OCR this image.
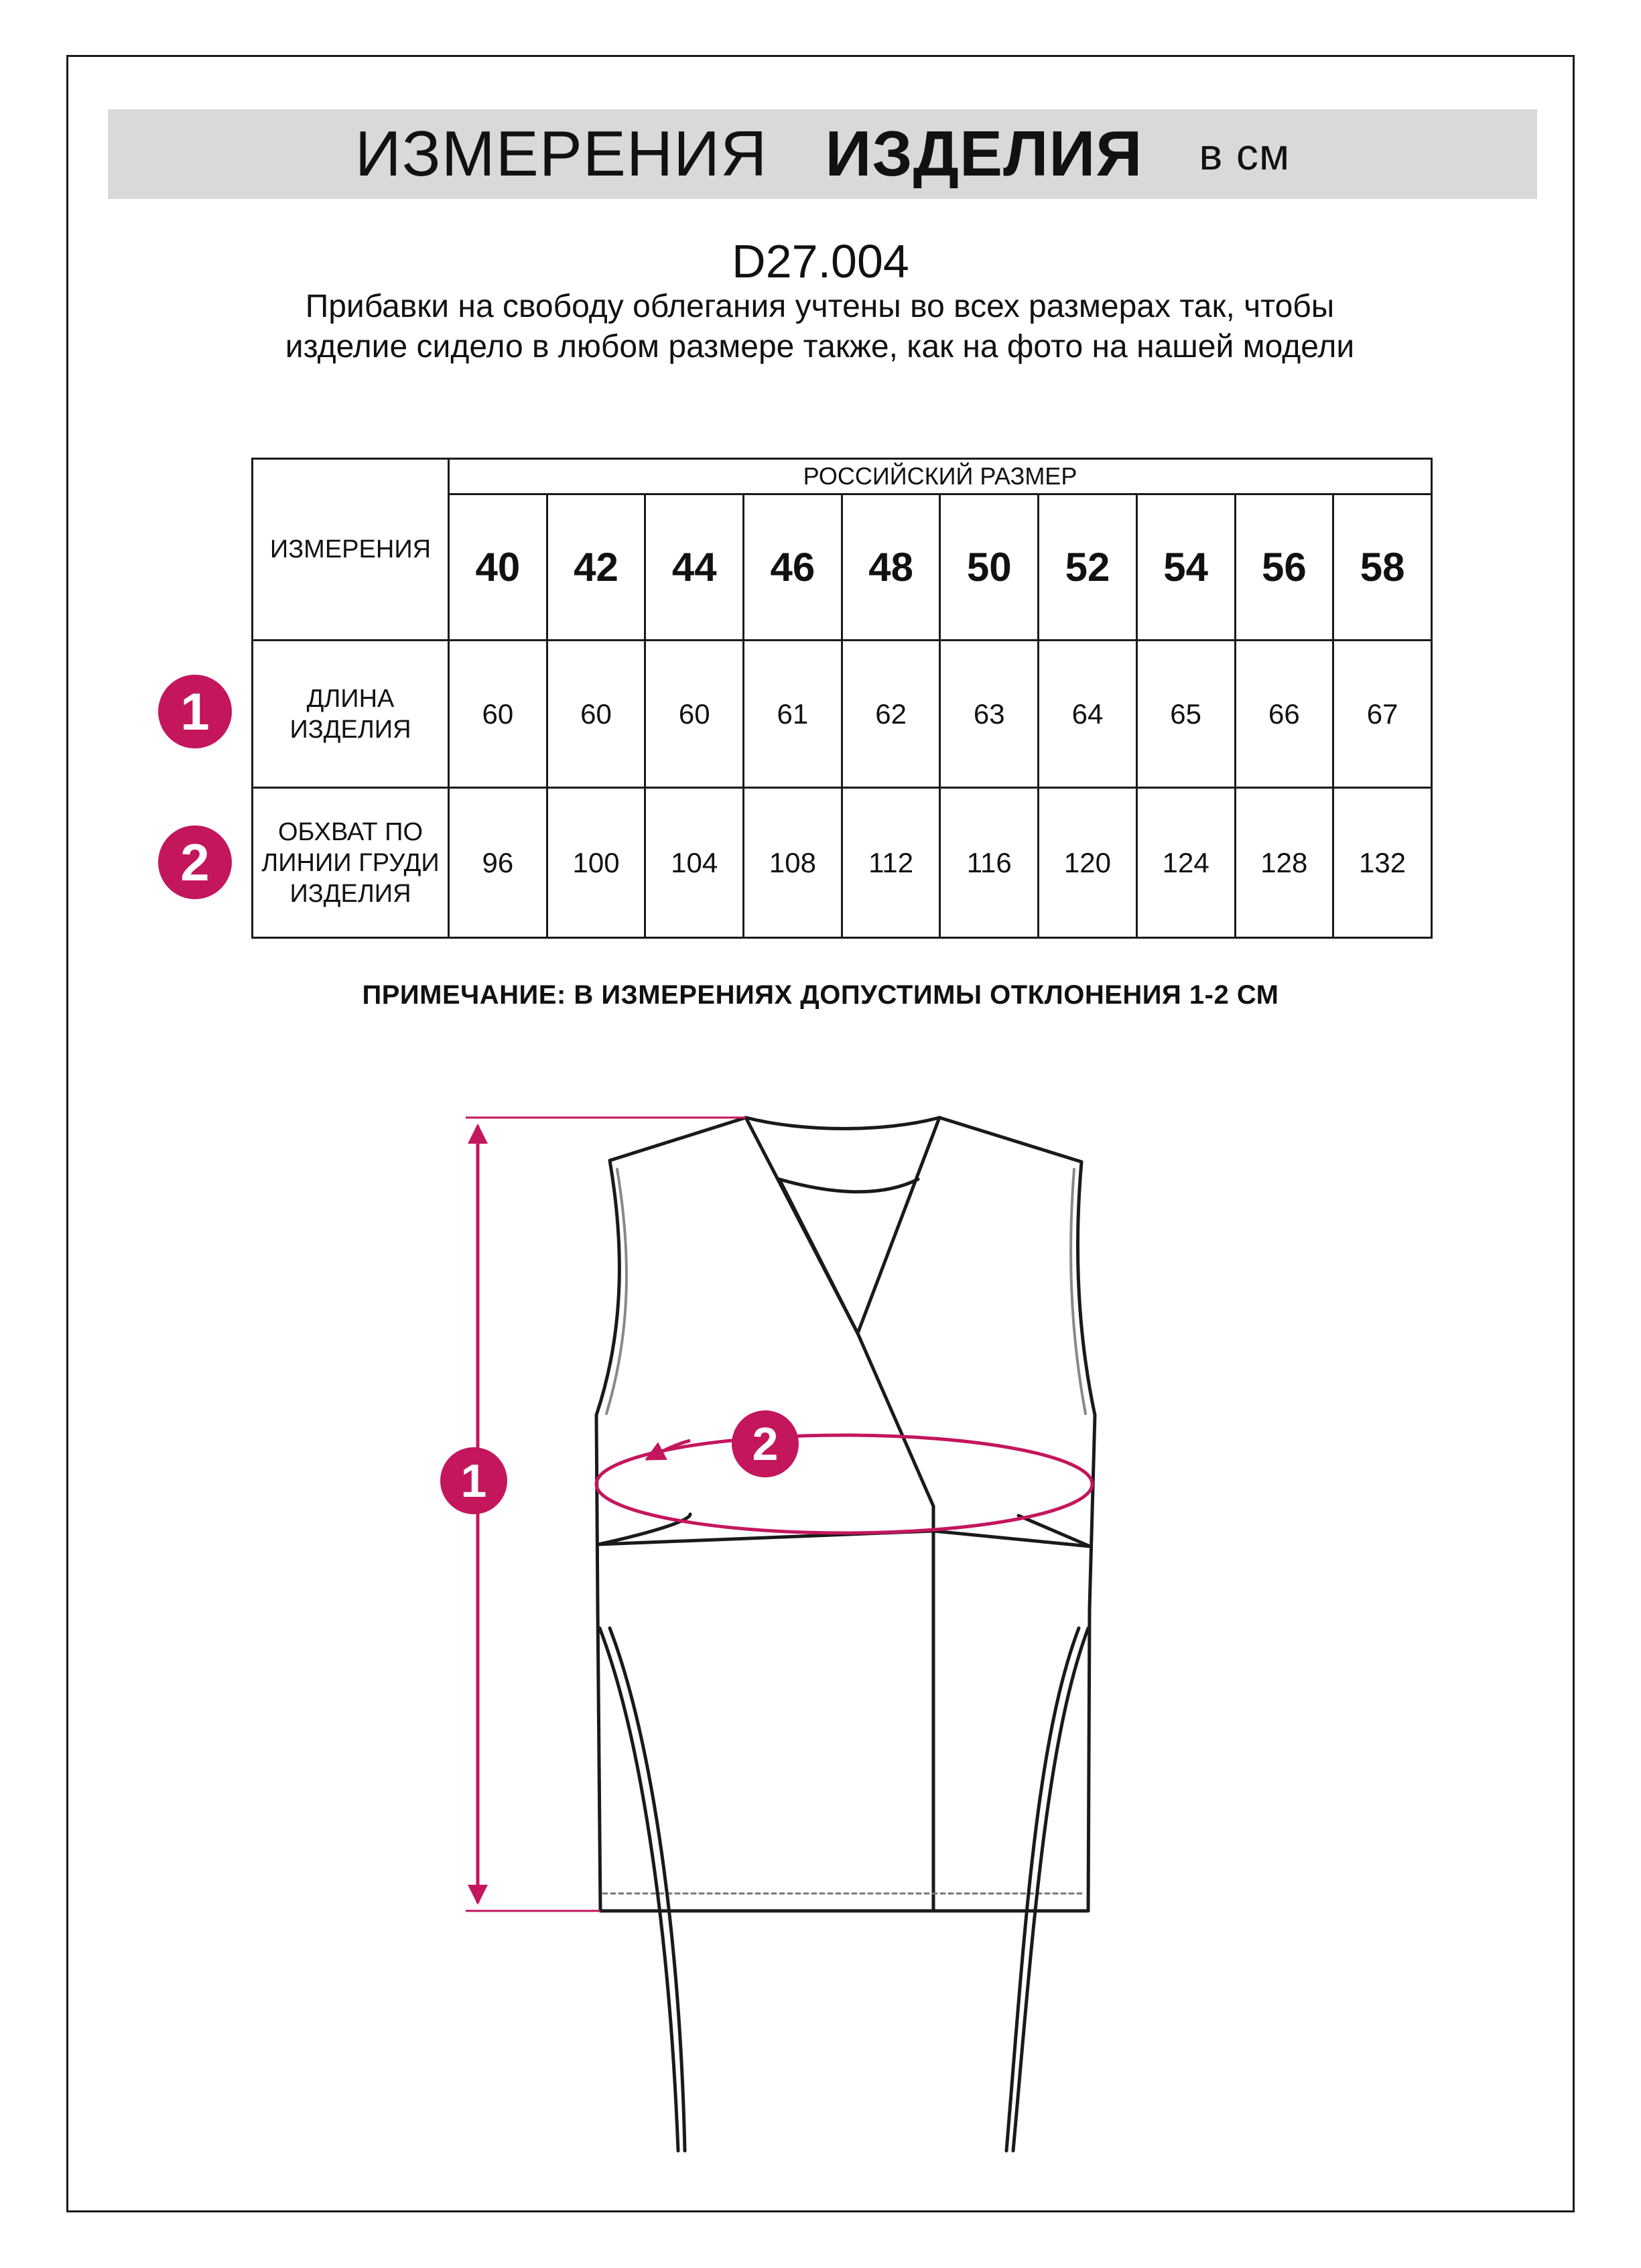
ИЗМЕРЕНИЯ ИЗДЕЛИЯ в см
D27.004
Прибавки на свободу облегания учтены во всех размерах так, чтобы изделие сидело в любом размере также, как на фото на нашей модели
ИЗМЕРЕНИЯ	РОССИЙСКИЙ РАЗМЕР									
	40	42	44	46	48	50	52	54	56	58
ДЛИНА ИЗДЕЛИЯ	60	60	60	61	62	63	64	65	66	67
ОБХВАТ ПО ЛИНИИ ГРУДИ ИЗДЕЛИЯ	96	100	104	108	112	116	120	124	128	132
1
2
ПРИМЕЧАНИЕ: В ИЗМЕРЕНИЯХ ДОПУСТИМЫ ОТКЛОНЕНИЯ 1-2 СМ
1
2
